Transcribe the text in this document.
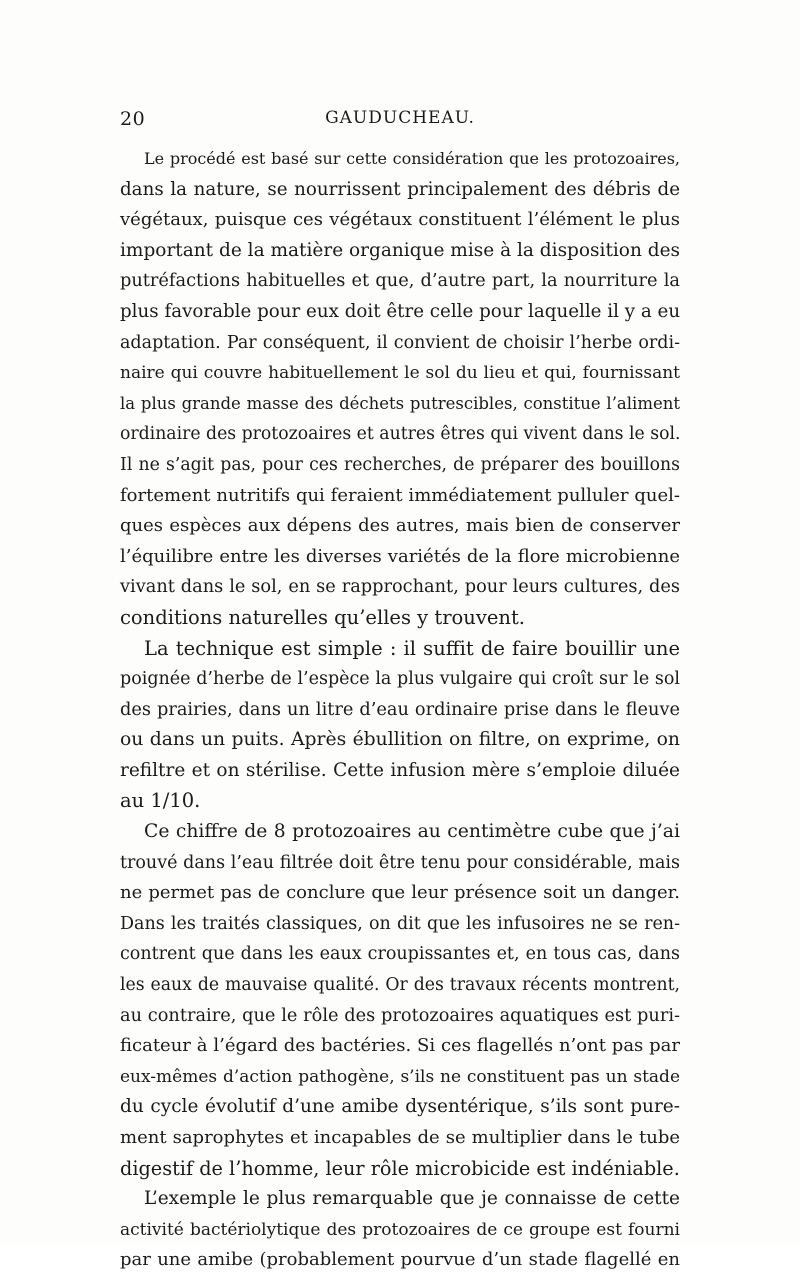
20	GAUDUCHEAU.
Le procédé est basé sur cette considération que les protozoaires,
dans la nature, se nourrissent principalement des débris de
végétaux, puisque ces végétaux constituent l’élément le plus
important de la matière organique mise à la disposition des
putréfactions habituelles et que, d’autre part, la nourriture la
plus favorable pour eux doit être celle pour laquelle il y a eu
adaptation. Par conséquent, il convient de choisir l’herbe ordi-
naire qui couvre habituellement le sol du lieu et qui, fournissant
la plus grande masse des déchets putrescibles, constitue l’aliment
ordinaire des protozoaires et autres êtres qui vivent dans le sol.
Il ne s’agit pas, pour ces recherches, de préparer des bouillons
fortement nutritifs qui feraient immédiatement pulluler quel-
ques espèces aux dépens des autres, mais bien de conserver
l’équilibre entre les diverses variétés de la flore microbienne
vivant dans le sol, en se rapprochant, pour leurs cultures, des
conditions naturelles qu’elles y trouvent.
La technique est simple : il suffit de faire bouillir une
poignée d’herbe de l’espèce la plus vulgaire qui croît sur le sol
des prairies, dans un litre d’eau ordinaire prise dans le fleuve
ou dans un puits. Après ébullition on filtre, on exprime, on
refiltre et on stérilise. Cette infusion mère s’emploie diluée
au 1/10.
Ce chiffre de 8 protozoaires au centimètre cube que j’ai
trouvé dans l’eau filtrée doit être tenu pour considérable, mais
ne permet pas de conclure que leur présence soit un danger.
Dans les traités classiques, on dit que les infusoires ne se ren-
contrent que dans les eaux croupissantes et, en tous cas, dans
les eaux de mauvaise qualité. Or des travaux récents montrent,
au contraire, que le rôle des protozoaires aquatiques est puri-
ficateur à l’égard des bactéries. Si ces flagellés n’ont pas par
eux-mêmes d’action pathogène, s’ils ne constituent pas un stade
du cycle évolutif d’une amibe dysentérique, s’ils sont pure-
ment saprophytes et incapables de se multiplier dans le tube
digestif de l’homme, leur rôle microbicide est indéniable.
L’exemple le plus remarquable que je connaisse de cette
activité bactériolytique des protozoaires de ce groupe est fourni
par une amibe (probablement pourvue d’un stade flagellé en
